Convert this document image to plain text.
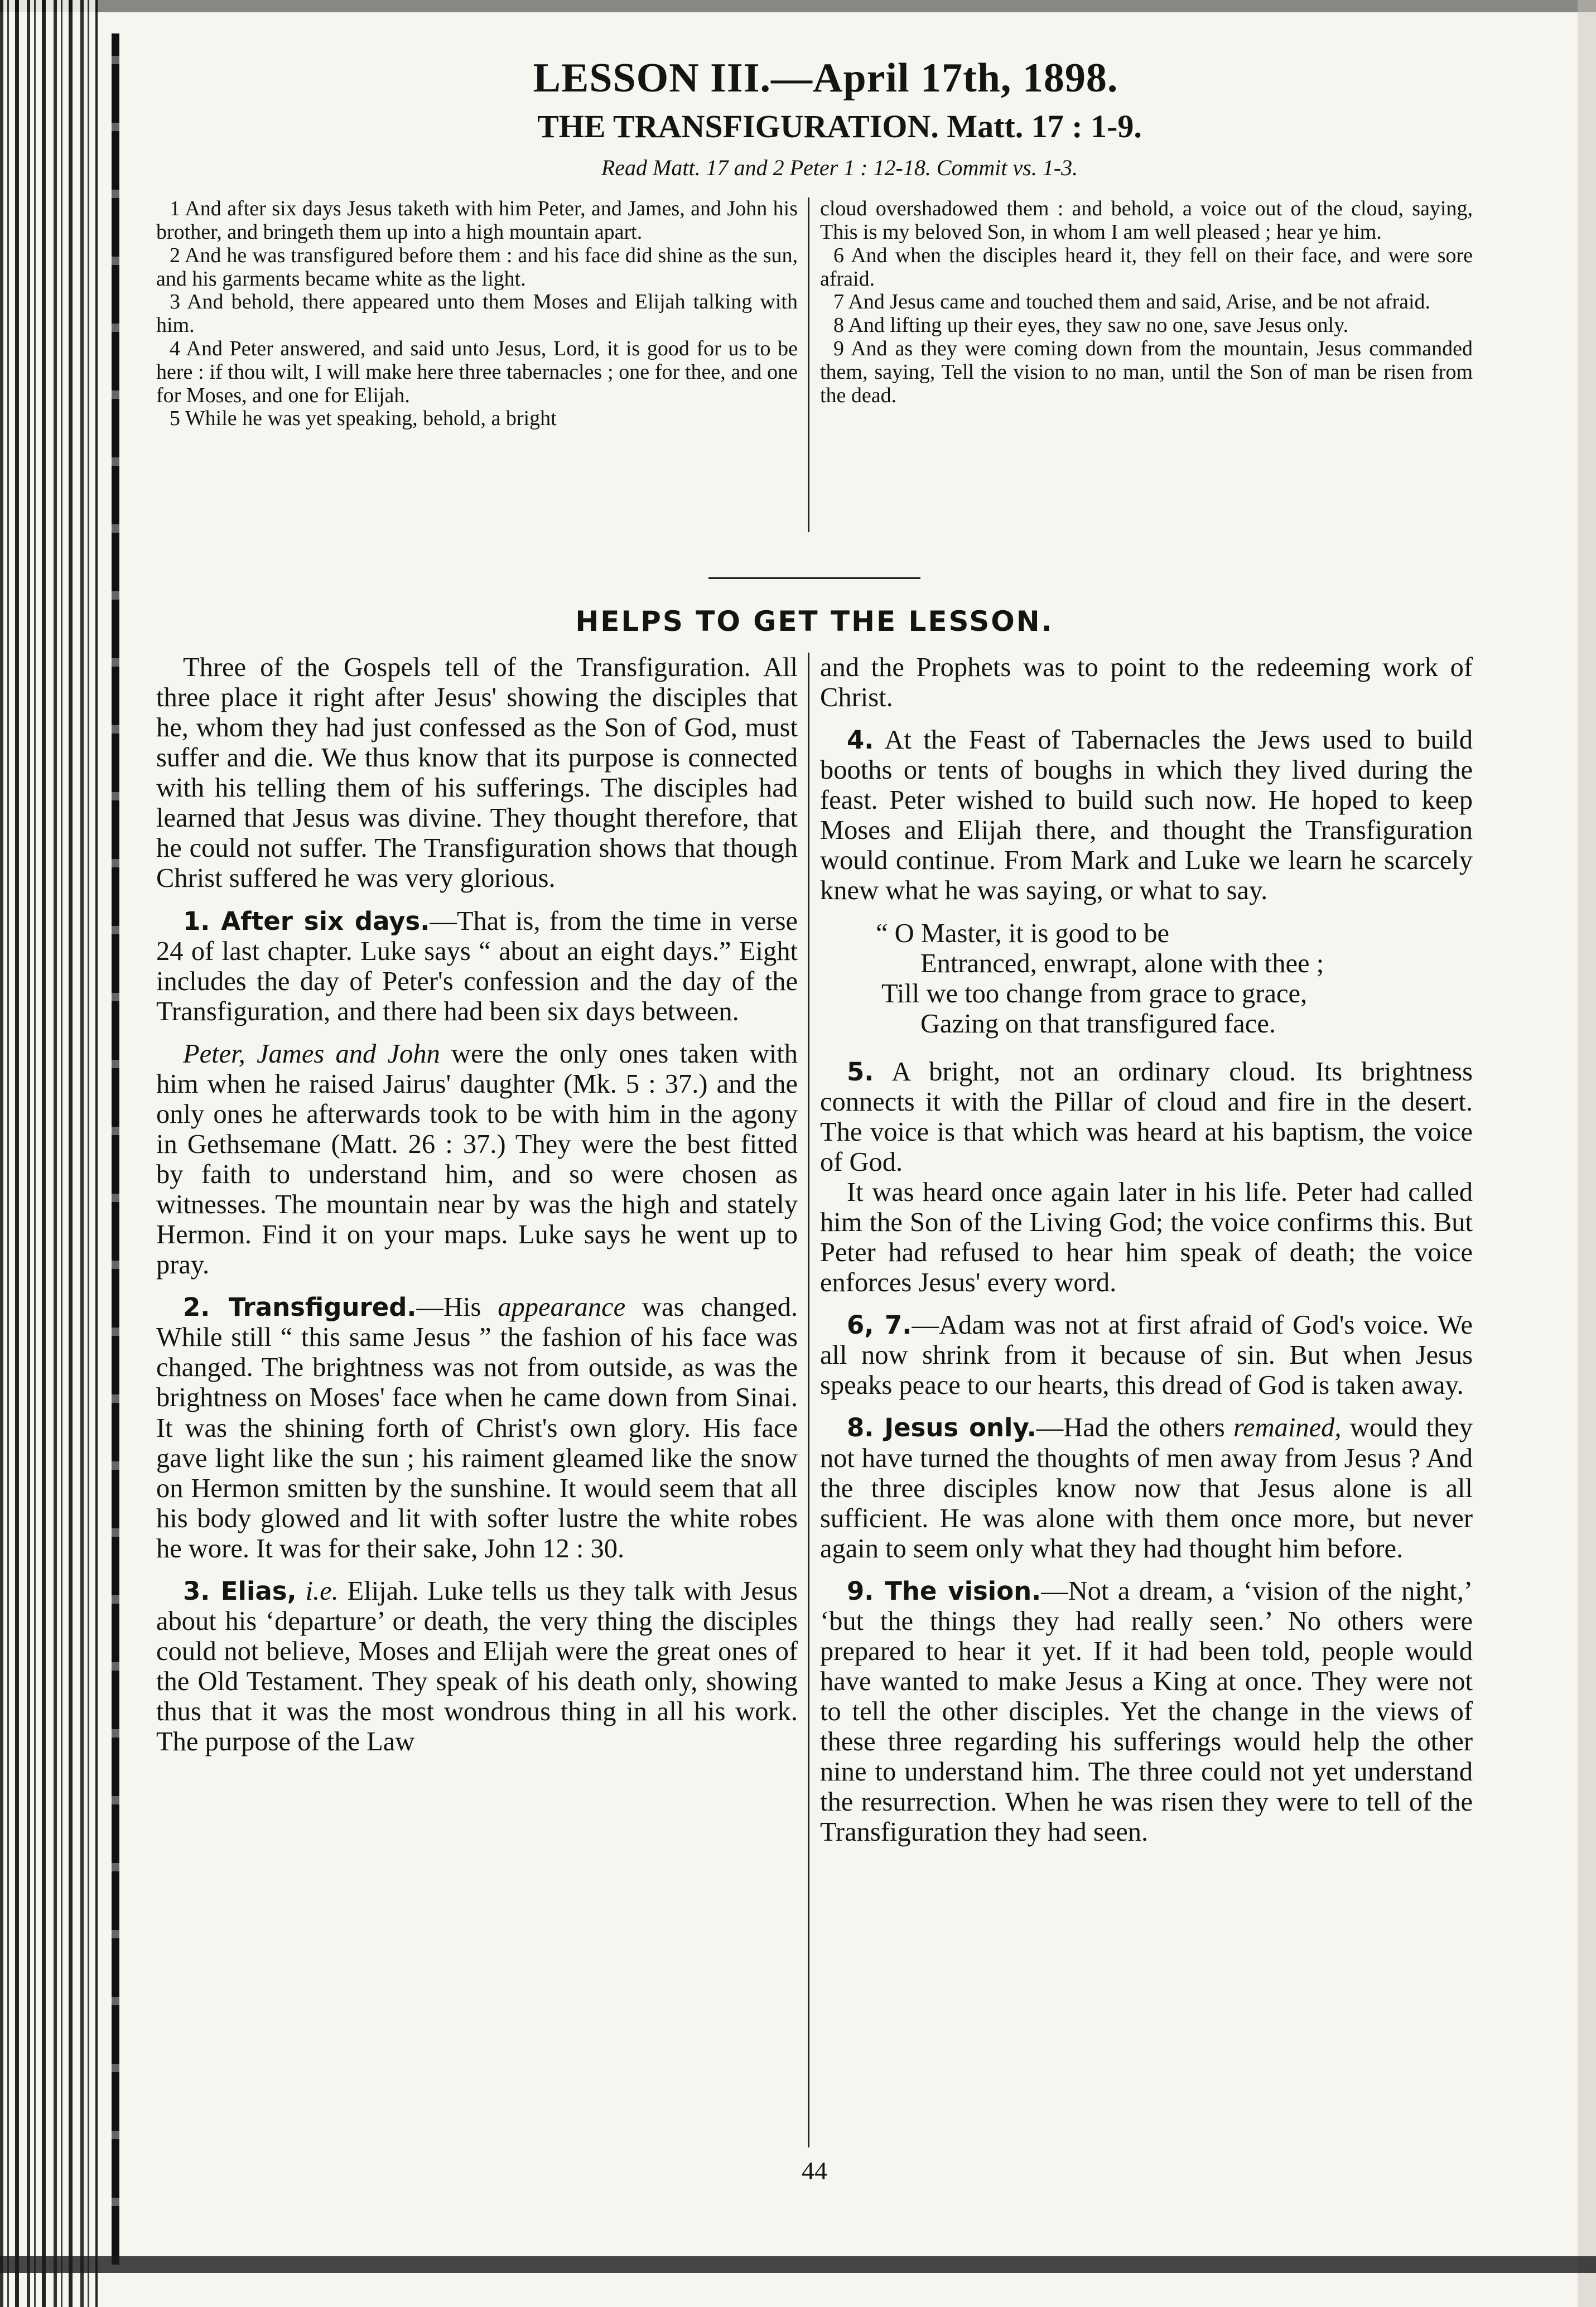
LESSON III.—April 17th, 1898.
THE TRANSFIGURATION. Matt. 17 : 1-9.
Read Matt. 17 and 2 Peter 1 : 12-18. Commit vs. 1-3.

1 And after six days Jesus taketh with him Peter, and James, and John his brother, and bringeth them up into a high mountain apart.

2 And he was transfigured before them : and his face did shine as the sun, and his garments became white as the light.

3 And behold, there appeared unto them Moses and Elijah talking with him.

4 And Peter answered, and said unto Jesus, Lord, it is good for us to be here : if thou wilt, I will make here three tabernacles ; one for thee, and one for Moses, and one for Elijah.

5 While he was yet speaking, behold, a bright

cloud overshadowed them : and behold, a voice out of the cloud, saying, This is my beloved Son, in whom I am well pleased ; hear ye him.

6 And when the disciples heard it, they fell on their face, and were sore afraid.

7 And Jesus came and touched them and said, Arise, and be not afraid.

8 And lifting up their eyes, they saw no one, save Jesus only.

9 And as they were coming down from the mountain, Jesus commanded them, saying, Tell the vision to no man, until the Son of man be risen from the dead.

HELPS TO GET THE LESSON.

Three of the Gospels tell of the Transfiguration. All three place it right after Jesus' showing the disciples that he, whom they had just confessed as the Son of God, must suffer and die. We thus know that its purpose is connected with his telling them of his sufferings. The disciples had learned that Jesus was divine. They thought therefore, that he could not suffer. The Transfiguration shows that though Christ suffered he was very glorious.

1. After six days.—That is, from the time in verse 24 of last chapter. Luke says “ about an eight days.” Eight includes the day of Peter's confession and the day of the Transfiguration, and there had been six days between.

Peter, James and John were the only ones taken with him when he raised Jairus' daughter (Mk. 5 : 37.) and the only ones he afterwards took to be with him in the agony in Gethsemane (Matt. 26 : 37.) They were the best fitted by faith to understand him, and so were chosen as witnesses. The mountain near by was the high and stately Hermon. Find it on your maps. Luke says he went up to pray.

2. Transfigured.—His appearance was changed. While still “ this same Jesus ” the fashion of his face was changed. The brightness was not from outside, as was the brightness on Moses' face when he came down from Sinai. It was the shining forth of Christ's own glory. His face gave light like the sun ; his raiment gleamed like the snow on Hermon smitten by the sunshine. It would seem that all his body glowed and lit with softer lustre the white robes he wore. It was for their sake, John 12 : 30.

3. Elias, i.e. Elijah. Luke tells us they talk with Jesus about his ‘departure’ or death, the very thing the disciples could not believe, Moses and Elijah were the great ones of the Old Testament. They speak of his death only, showing thus that it was the most wondrous thing in all his work. The purpose of the Law

and the Prophets was to point to the redeeming work of Christ.

4. At the Feast of Tabernacles the Jews used to build booths or tents of boughs in which they lived during the feast. Peter wished to build such now. He hoped to keep Moses and Elijah there, and thought the Transfiguration would continue. From Mark and Luke we learn he scarcely knew what he was saying, or what to say.

“ O Master, it is good to be
Entranced, enwrapt, alone with thee ;
Till we too change from grace to grace,
Gazing on that transfigured face.

5. A bright, not an ordinary cloud. Its brightness connects it with the Pillar of cloud and fire in the desert. The voice is that which was heard at his baptism, the voice of God.

It was heard once again later in his life. Peter had called him the Son of the Living God; the voice confirms this. But Peter had refused to hear him speak of death; the voice enforces Jesus' every word.

6, 7.—Adam was not at first afraid of God's voice. We all now shrink from it because of sin. But when Jesus speaks peace to our hearts, this dread of God is taken away.

8. Jesus only.—Had the others remained, would they not have turned the thoughts of men away from Jesus ? And the three disciples know now that Jesus alone is all sufficient. He was alone with them once more, but never again to seem only what they had thought him before.

9. The vision.—Not a dream, a ‘vision of the night,’ ‘but the things they had really seen.’ No others were prepared to hear it yet. If it had been told, people would have wanted to make Jesus a King at once. They were not to tell the other disciples. Yet the change in the views of these three regarding his sufferings would help the other nine to understand him. The three could not yet understand the resurrection. When he was risen they were to tell of the Transfiguration they had seen.

44
